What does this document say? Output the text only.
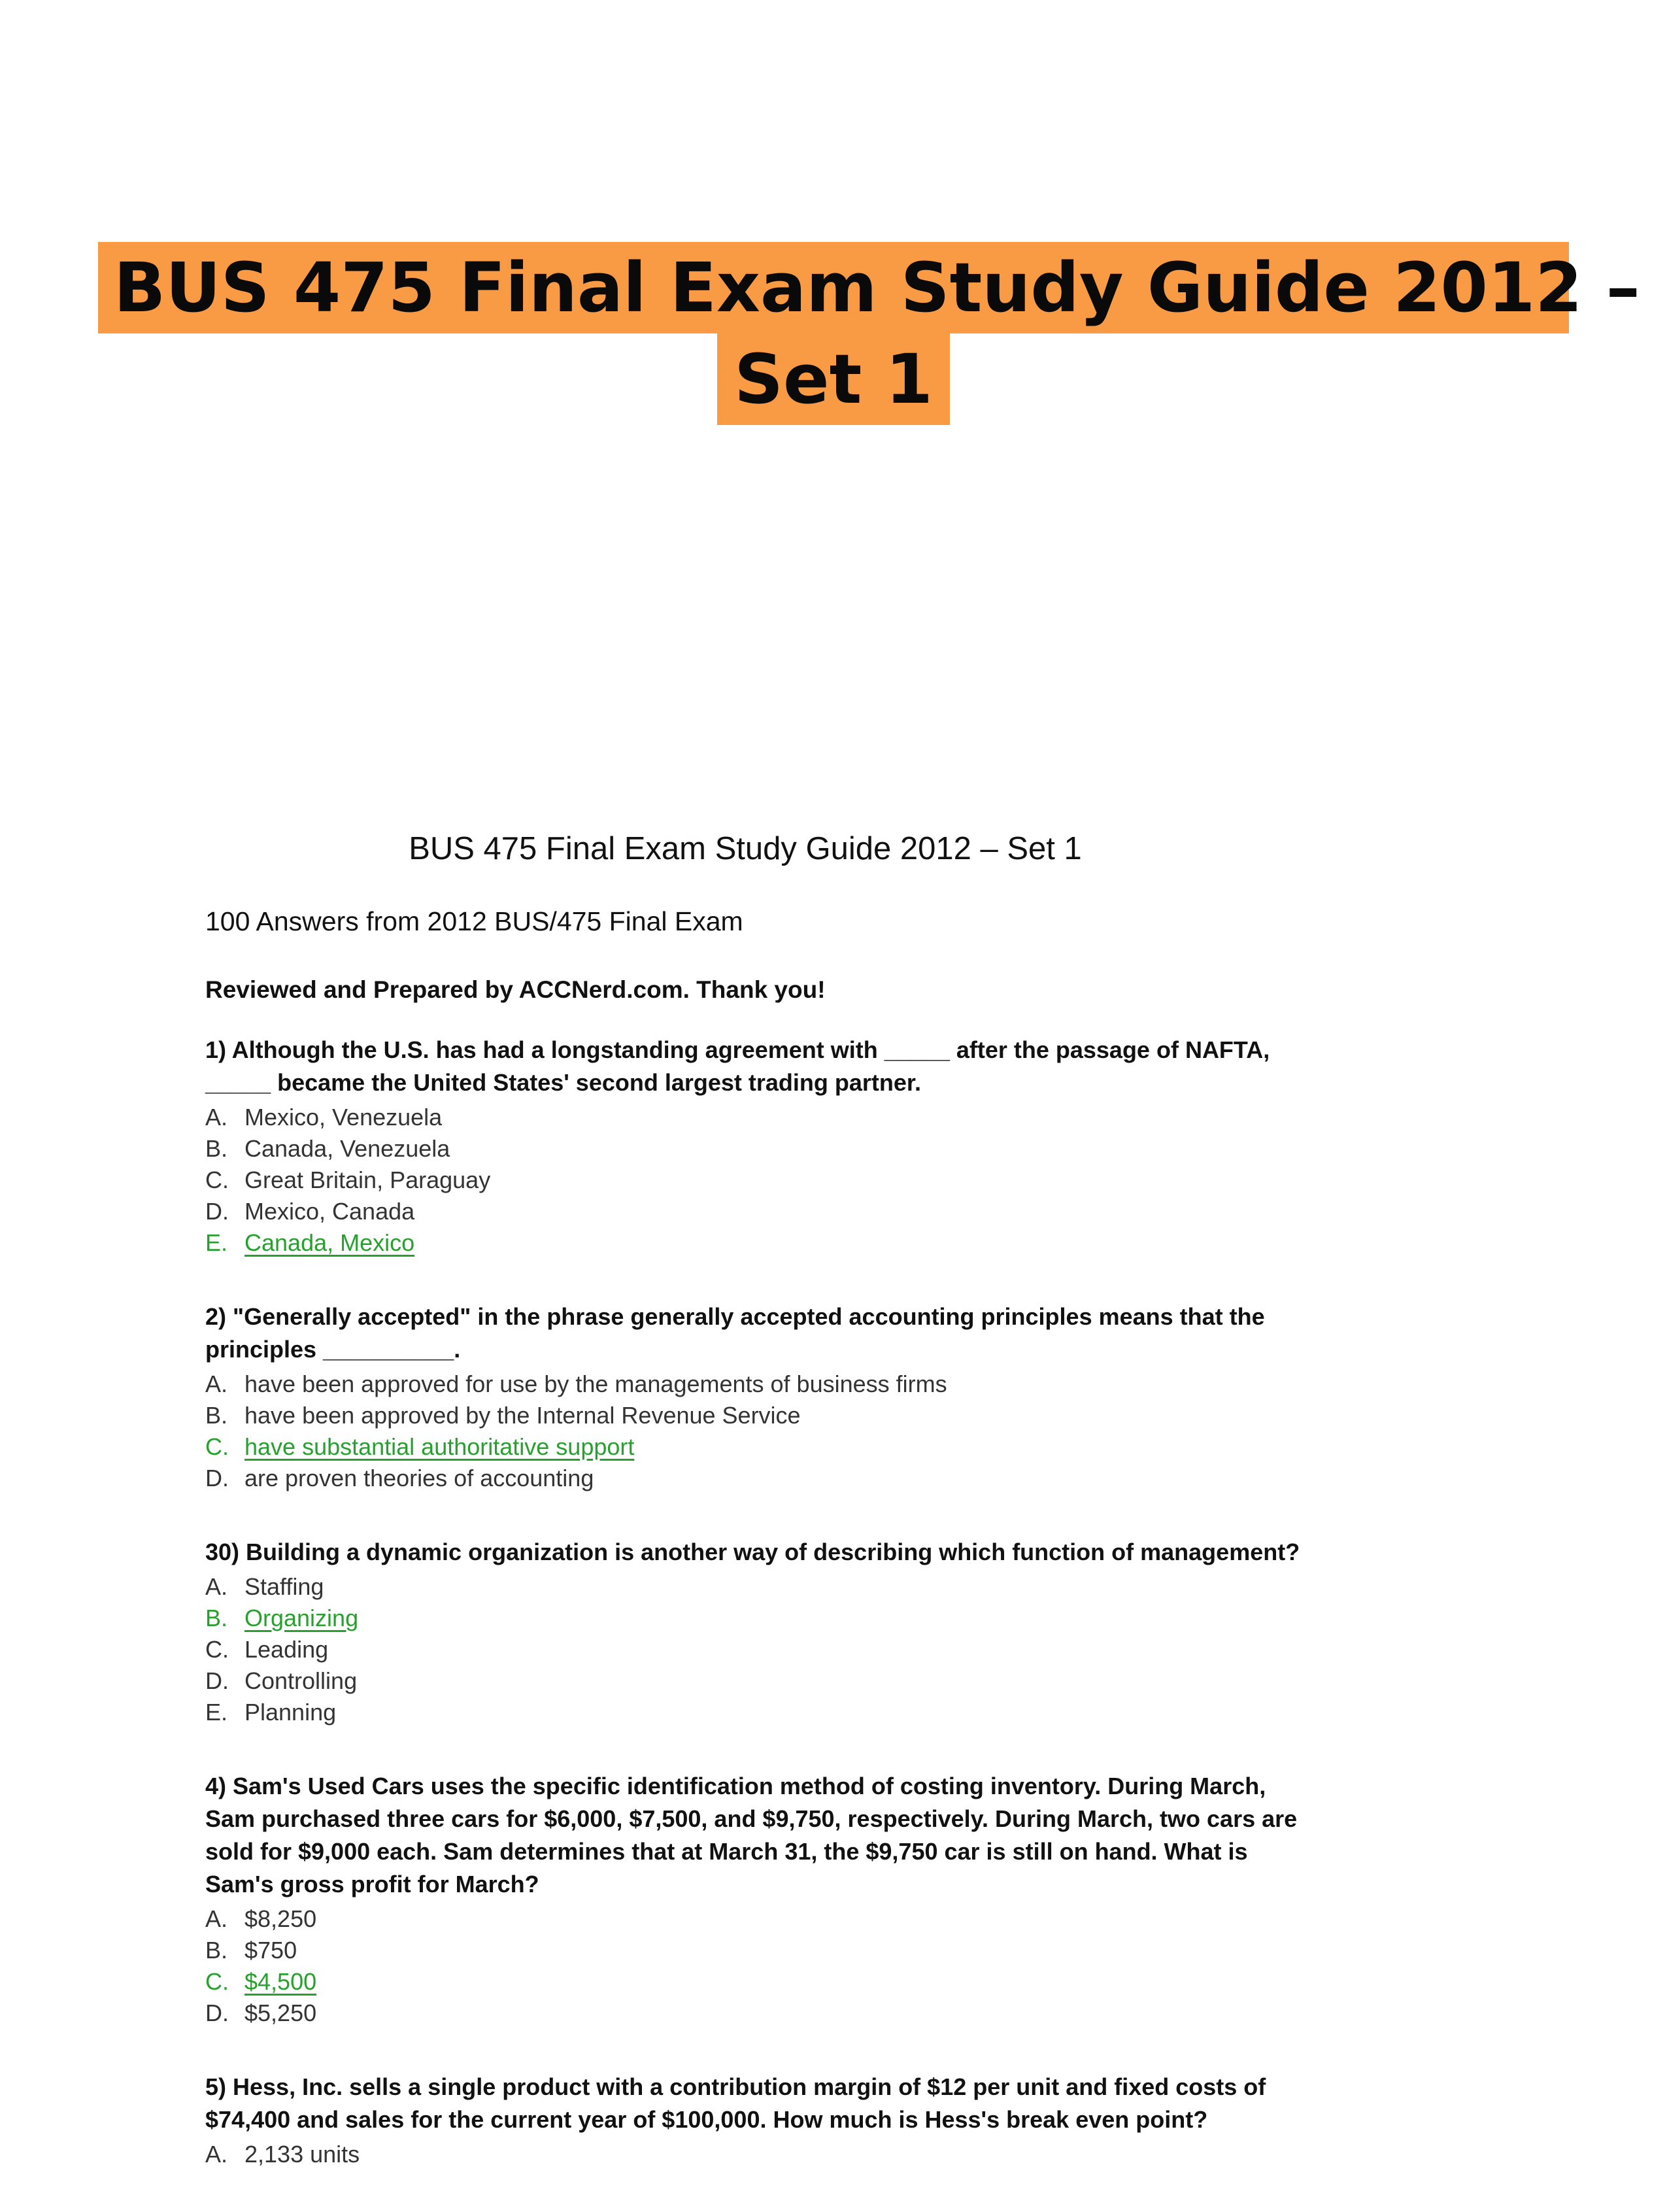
BUS 475 Final Exam Study Guide 2012 –
Set 1
BUS 475 Final Exam Study Guide 2012 – Set 1
100 Answers from 2012 BUS/475 Final Exam
Reviewed and Prepared by ACCNerd.com. Thank you!
1) Although the U.S. has had a longstanding agreement with _____ after the passage of NAFTA, _____ became the United States' second largest trading partner.
A. Mexico, Venezuela
B. Canada, Venezuela
C. Great Britain, Paraguay
D. Mexico, Canada
E. Canada, Mexico
2) "Generally accepted" in the phrase generally accepted accounting principles means that the principles __________.
A. have been approved for use by the managements of business firms
B. have been approved by the Internal Revenue Service
C. have substantial authoritative support
D. are proven theories of accounting
30) Building a dynamic organization is another way of describing which function of management?
A. Staffing
B. Organizing
C. Leading
D. Controlling
E. Planning
4) Sam's Used Cars uses the specific identification method of costing inventory. During March, Sam purchased three cars for $6,000, $7,500, and $9,750, respectively. During March, two cars are sold for $9,000 each. Sam determines that at March 31, the $9,750 car is still on hand. What is Sam's gross profit for March?
A. $8,250
B. $750
C. $4,500
D. $5,250
5) Hess, Inc. sells a single product with a contribution margin of $12 per unit and fixed costs of $74,400 and sales for the current year of $100,000. How much is Hess's break even point?
A. 2,133 units
